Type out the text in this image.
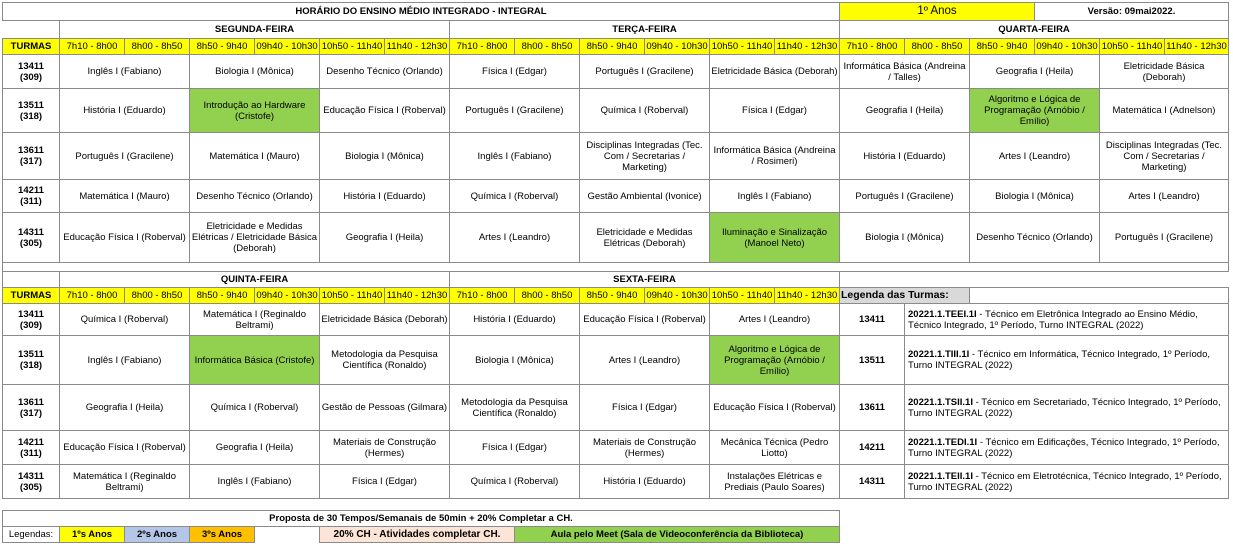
HORÁRIO DO ENSINO MÉDIO INTEGRADO - INTEGRAL													1º Anos			Versão: 09mai2022.		
	SEGUNDA-FEIRA						TERÇA-FEIRA						QUARTA-FEIRA					
TURMAS	7h10 - 8h00	8h00 - 8h50	8h50 - 9h40	09h40 - 10h30	10h50 - 11h40	11h40 - 12h30	7h10 - 8h00	8h00 - 8h50	8h50 - 9h40	09h40 - 10h30	10h50 - 11h40	11h40 - 12h30	7h10 - 8h00	8h00 - 8h50	8h50 - 9h40	09h40 - 10h30	10h50 - 11h40	11h40 - 12h30

13411
(309)	Inglês I (Fabiano)		Biologia I (Mônica)		Desenho Técnico (Orlando)		Física I (Edgar)		Português I (Gracilene)		Eletricidade Básica (Deborah)		Informática Básica (Andreina / Talles)		Geografia I (Heila)		Eletricidade Básica (Deborah)	

13511
(318)	História I (Eduardo)		Introdução ao Hardware (Cristofe)		Educação Física I (Roberval)		Português I (Gracilene)		Química I (Roberval)		Física I (Edgar)		Geografia I (Heila)		Algoritmo e Lógica de Programação (Arnóbio / Emílio)		Matemática I (Adnelson)	

13611
(317)	Português I (Gracilene)		Matemática I (Mauro)		Biologia I (Mônica)		Inglês I (Fabiano)		Disciplinas Integradas (Tec. Com / Secretarias / Marketing)		Informática Básica (Andreina / Rosimeri)		História I (Eduardo)		Artes I (Leandro)		Disciplinas Integradas (Tec. Com / Secretarias / Marketing)	

14211
(311)	Matemática I (Mauro)		Desenho Técnico (Orlando)		História I (Eduardo)		Química I (Roberval)		Gestão Ambiental (Ivonice)		Inglês I (Fabiano)		Português I (Gracilene)		Biologia I (Mônica)		Artes I (Leandro)	

14311
(305)	Educação Física I (Roberval)		Eletricidade e Medidas Elétricas / Eletricidade Básica (Deborah)		Geografia I (Heila)		Artes I (Leandro)		Eletricidade e Medidas Elétricas (Deborah)		Iluminação e Sinalização (Manoel Neto)		Biologia I (Mônica)		Desenho Técnico (Orlando)		Português I (Gracilene)	

	QUINTA-FEIRA						SEXTA-FEIRA											
TURMAS	7h10 - 8h00	8h00 - 8h50	8h50 - 9h40	09h40 - 10h30	10h50 - 11h40	11h40 - 12h30	7h10 - 8h00	8h00 - 8h50	8h50 - 9h40	09h40 - 10h30	10h50 - 11h40	11h40 - 12h30	Legenda das Turmas:					

13411
(309)	Química I (Roberval)		Matemática I (Reginaldo Beltrami)		Eletricidade Básica (Deborah)		História I (Eduardo)		Educação Física I (Roberval)		Artes I (Leandro)		13411	20221.1.TEEI.1I - Técnico em Eletrônica Integrado ao Ensino Médio, Técnico Integrado, 1º Período, Turno INTEGRAL (2022)				

13511
(318)	Inglês I (Fabiano)		Informática Básica (Cristofe)		Metodologia da Pesquisa Científica (Ronaldo)		Biologia I (Mônica)		Artes I (Leandro)		Algoritmo e Lógica de Programação (Arnóbio / Emílio)		13511	20221.1.TIII.1I - Técnico em Informática, Técnico Integrado, 1º Período, Turno INTEGRAL (2022)				

13611
(317)	Geografia I (Heila)		Química I (Roberval)		Gestão de Pessoas (Gilmara)		Metodologia da Pesquisa Científica (Ronaldo)		Física I (Edgar)		Educação Física I (Roberval)		13611	20221.1.TSII.1I - Técnico em Secretariado, Técnico Integrado, 1º Período, Turno INTEGRAL (2022)				

14211
(311)	Educação Física I (Roberval)		Geografia I (Heila)		Materiais de Construção (Hermes)		Física I (Edgar)		Materiais de Construção (Hermes)		Mecânica Técnica (Pedro Liotto)		14211	20221.1.TEDI.1I - Técnico em Edificações, Técnico Integrado, 1º Período, Turno INTEGRAL (2022)				

14311
(305)	Matemática I (Reginaldo Beltrami)		Inglês I (Fabiano)		Física I (Edgar)		Química I (Roberval)		História I (Eduardo)		Instalações Elétricas e Prediais (Paulo Soares)		14311	20221.1.TEII.1I - Técnico em Eletrotécnica, Técnico Integrado, 1º Período, Turno INTEGRAL (2022)				

Proposta de 30 Tempos/Semanais de 50min + 20% Completar a CH.																		
Legendas:	1ºs Anos	2ºs Anos	3ºs Anos		20% CH - Atividades completar CH.			Aula pelo Meet (Sala de Videoconferência da Biblioteca)										
